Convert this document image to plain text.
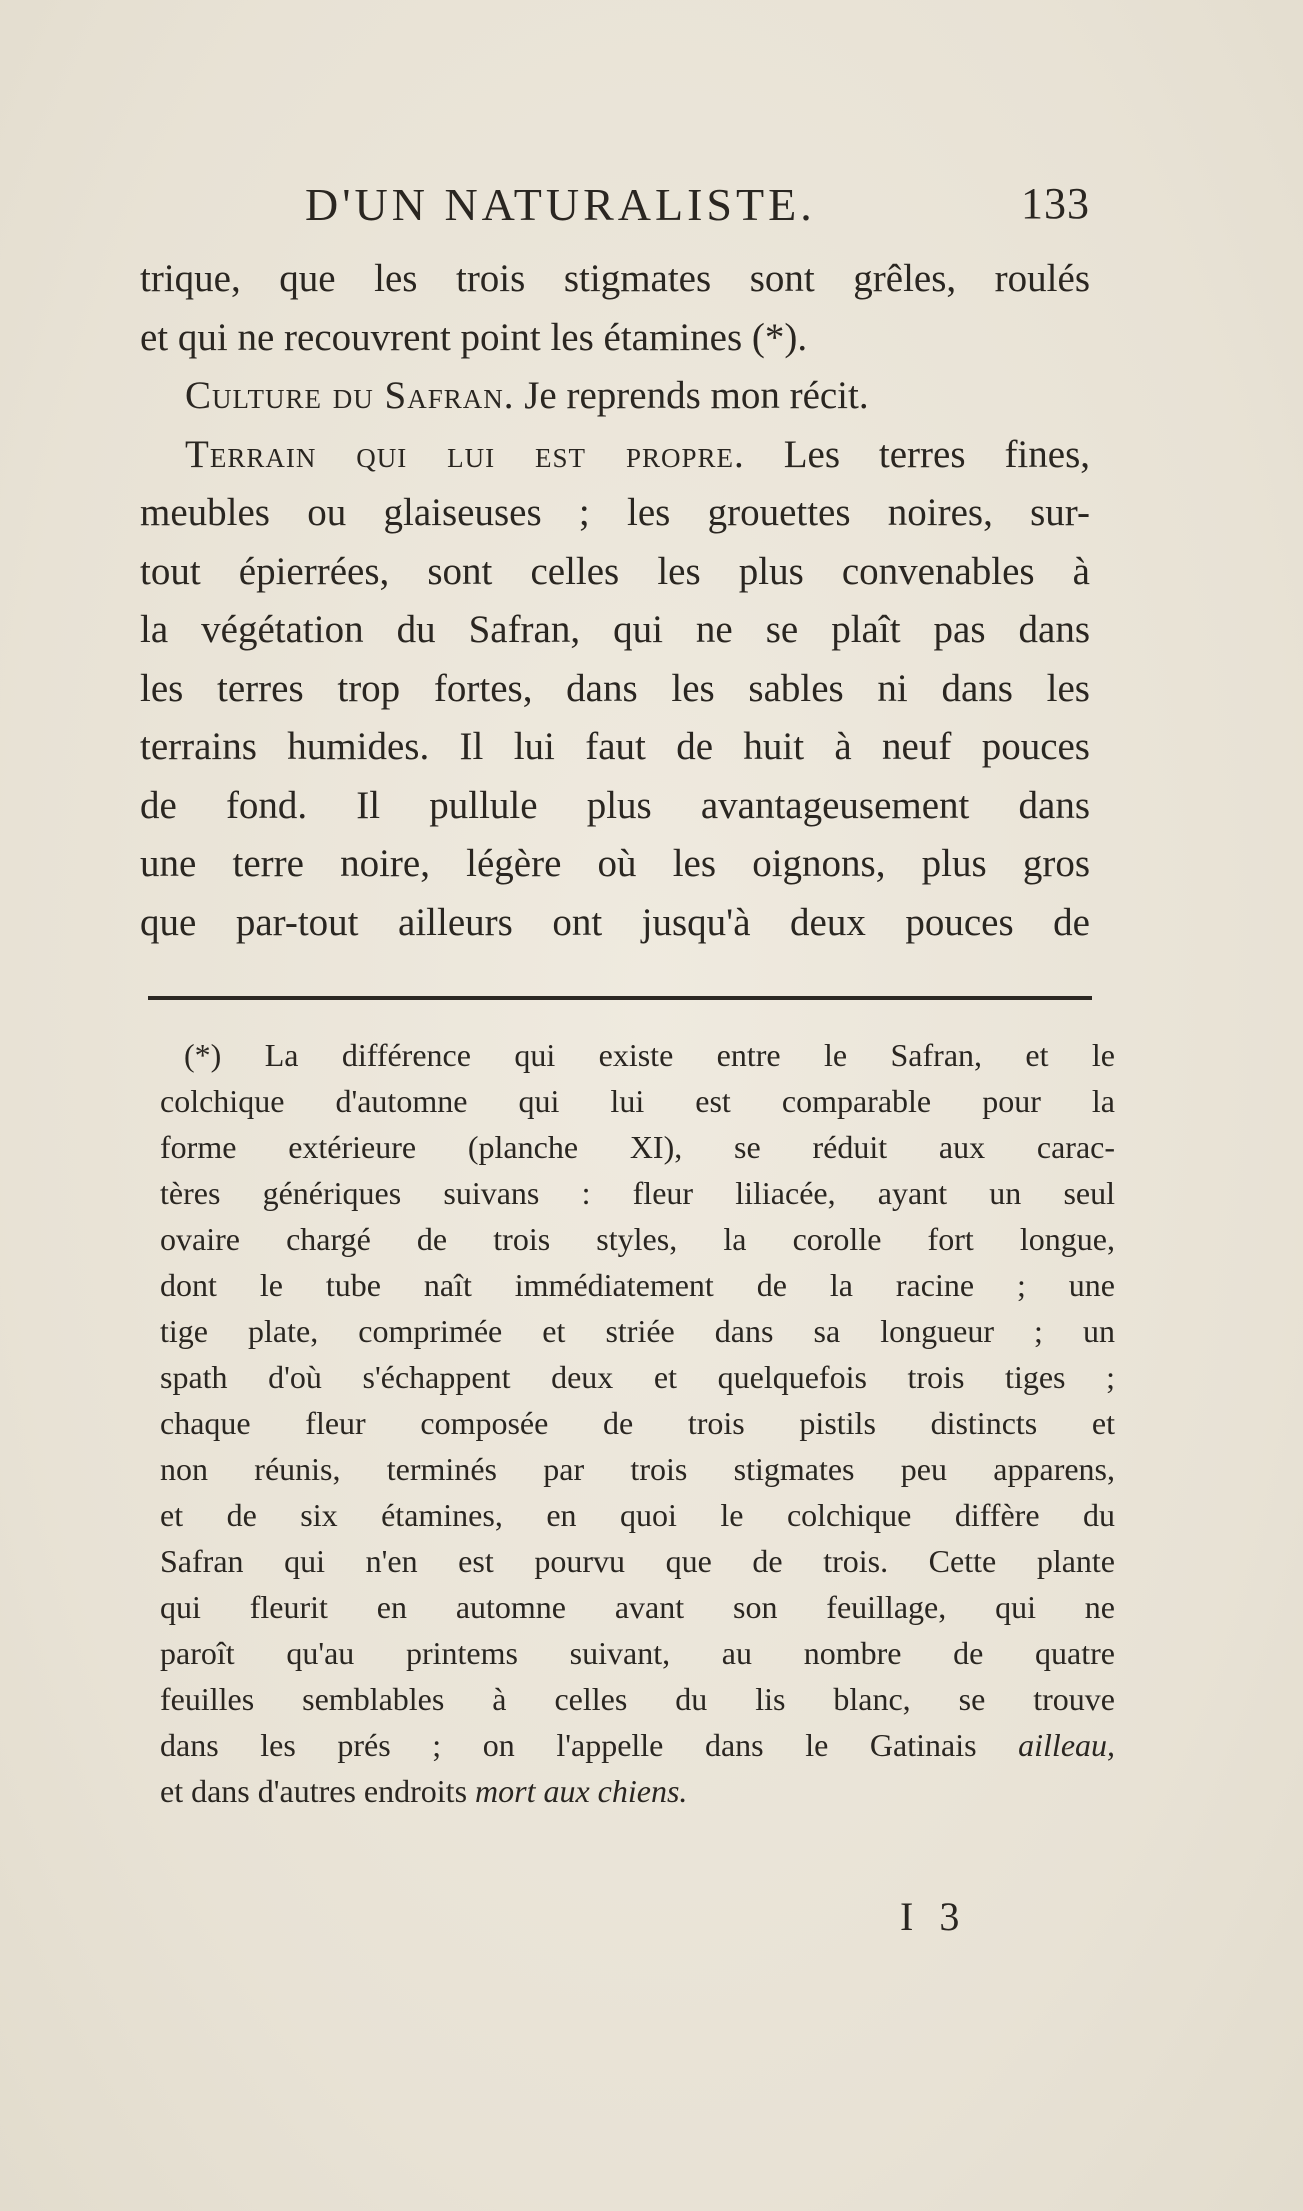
D'UN NATURALISTE.	133
trique, que les trois stigmates sont grêles, roulés
et qui ne recouvrent point les étamines (*).
Culture du Safran. Je reprends mon récit.
Terrain qui lui est propre. Les terres fines,
meubles ou glaiseuses ; les grouettes noires, sur-
tout épierrées, sont celles les plus convenables à
la végétation du Safran, qui ne se plaît pas dans
les terres trop fortes, dans les sables ni dans les
terrains humides. Il lui faut de huit à neuf pouces
de fond. Il pullule plus avantageusement dans
une terre noire, légère où les oignons, plus gros
que par-tout ailleurs ont jusqu'à deux pouces de
(*) La différence qui existe entre le Safran, et le
colchique d'automne qui lui est comparable pour la
forme extérieure (planche XI), se réduit aux carac-
tères génériques suivans : fleur liliacée, ayant un seul
ovaire chargé de trois styles, la corolle fort longue,
dont le tube naît immédiatement de la racine ; une
tige plate, comprimée et striée dans sa longueur ; un
spath d'où s'échappent deux et quelquefois trois tiges ;
chaque fleur composée de trois pistils distincts et
non réunis, terminés par trois stigmates peu apparens,
et de six étamines, en quoi le colchique diffère du
Safran qui n'en est pourvu que de trois. Cette plante
qui fleurit en automne avant son feuillage, qui ne
paroît qu'au printems suivant, au nombre de quatre
feuilles semblables à celles du lis blanc, se trouve
dans les prés ; on l'appelle dans le Gatinais ailleau,
et dans d'autres endroits mort aux chiens.
I 3
